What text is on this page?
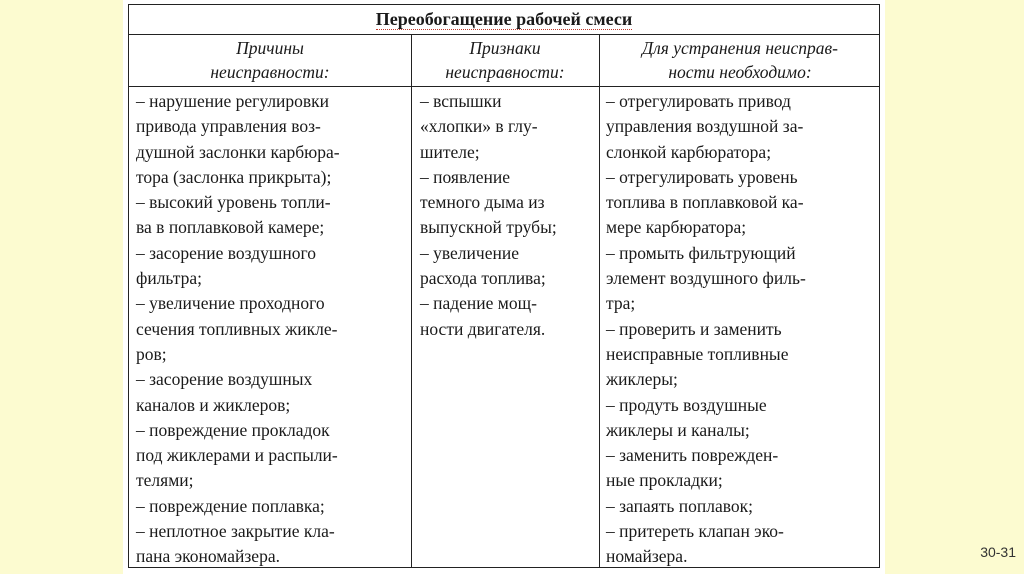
Переобогащение рабочей смеси
Причины
неисправности:
Признаки
неисправности:
Для устранения неисправ-
ности необходимо:
– нарушение регулировки
привода управления воз-
душной заслонки карбюра-
тора (заслонка прикрыта);
– высокий уровень топли-
ва в поплавковой камере;
– засорение воздушного
фильтра;
– увеличение проходного
сечения топливных жикле-
ров;
– засорение воздушных
каналов и жиклеров;
– повреждение прокладок
под жиклерами и распыли-
телями;
– повреждение поплавка;
– неплотное закрытие кла-
пана экономайзера.
– вспышки
«хлопки» в глу-
шителе;
– появление
темного дыма из
выпускной трубы;
– увеличение
расхода топлива;
– падение мощ-
ности двигателя.
– отрегулировать привод
управления воздушной за-
слонкой карбюратора;
– отрегулировать уровень
топлива в поплавковой ка-
мере карбюратора;
– промыть фильтрующий
элемент воздушного филь-
тра;
– проверить и заменить
неисправные топливные
жиклеры;
– продуть воздушные
жиклеры и каналы;
– заменить поврежден-
ные прокладки;
– запаять поплавок;
– притереть клапан эко-
номайзера.	30-31
